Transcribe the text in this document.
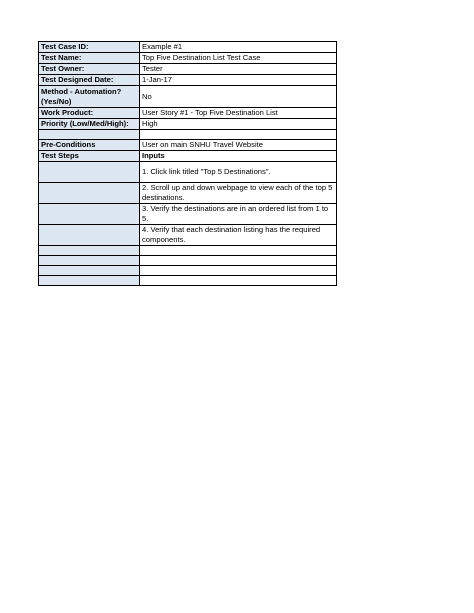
Test Case ID:	Example #1
Test Name:	Top Five Destination List Test Case
Test Owner:	Tester
Test Designed Date:	1-Jan-17
Method - Automation? (Yes/No)	No
Work Product:	User Story #1 - Top Five Destination List
Priority (Low/Med/High):	High

Pre-Conditions	User on main SNHU Travel Website
Test Steps	Inputs
	1. Click link titled "Top 5 Destinations".
	2. Scroll up and down webpage to view each of the top 5 destinations.
	3. Verify the destinations are in an ordered list from 1 to 5.
	4. Verify that each destination listing has the required components.
